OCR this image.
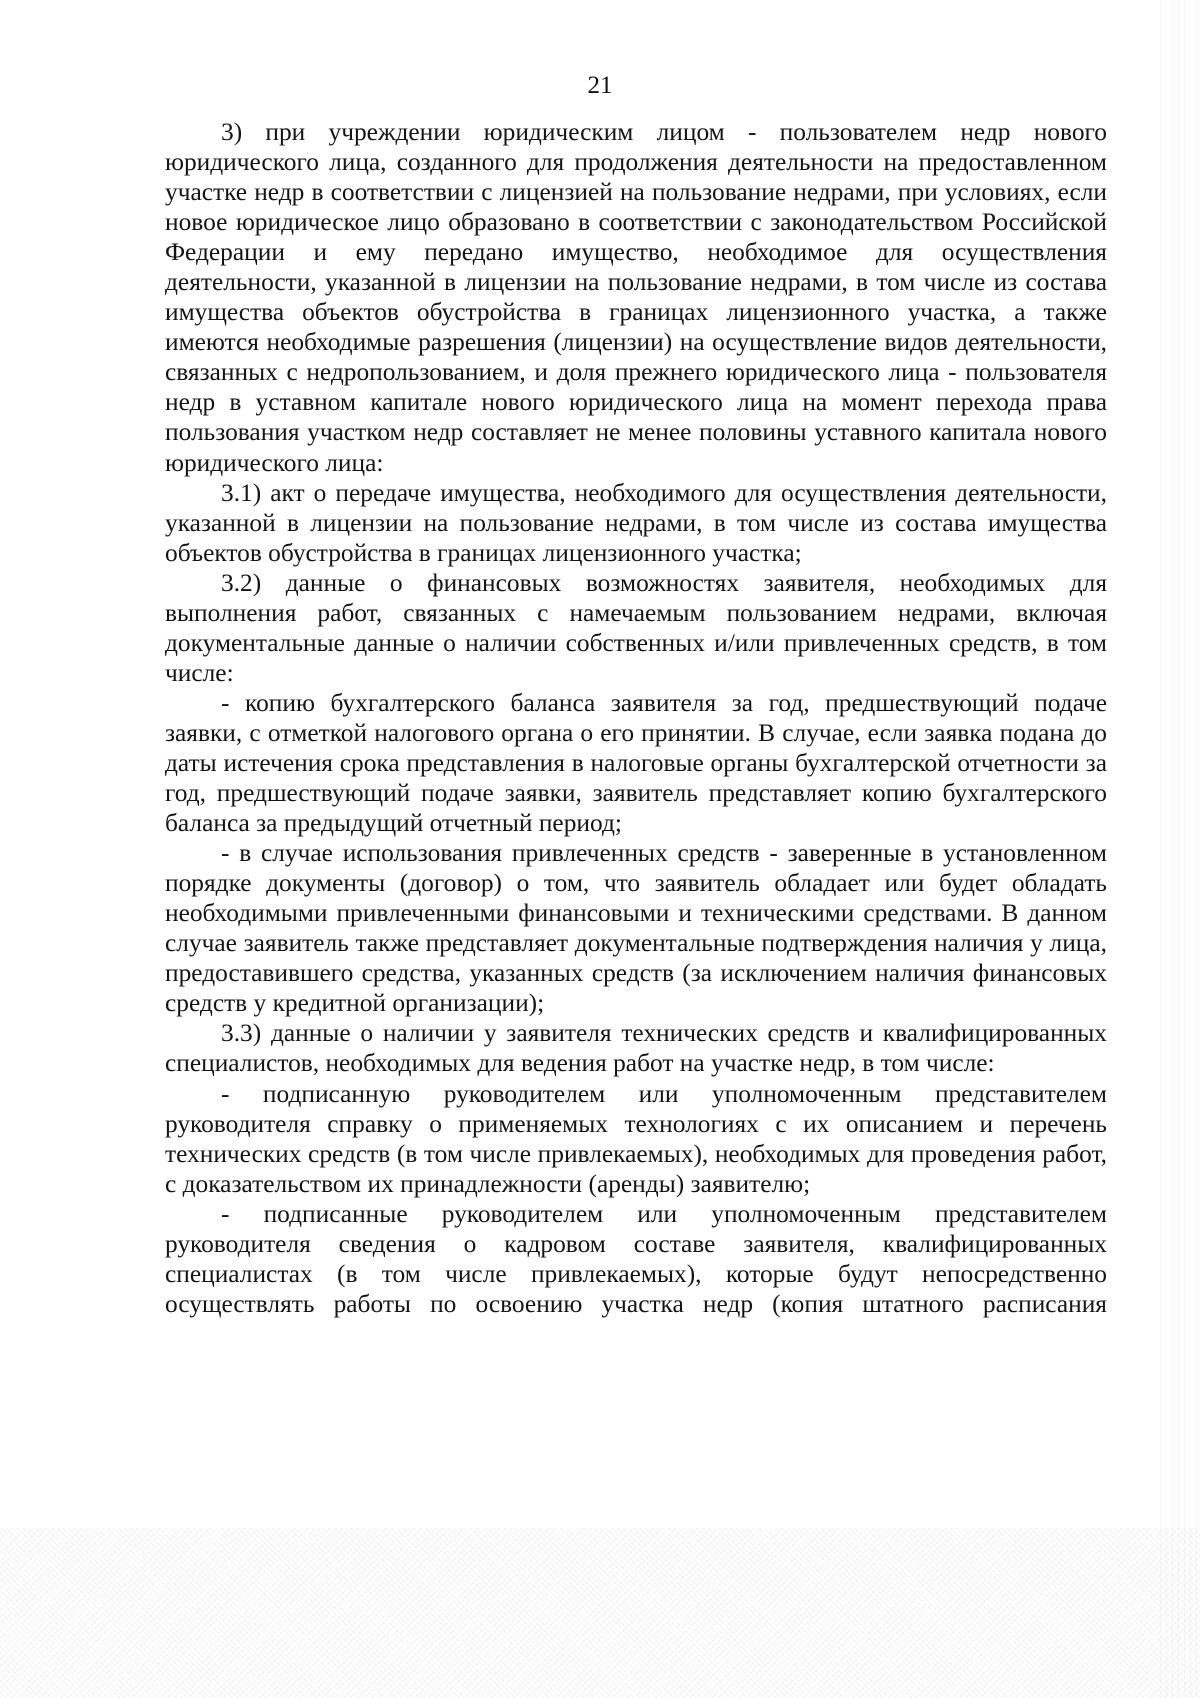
21

3) при учреждении юридическим лицом - пользователем недр нового юридического лица, созданного для продолжения деятельности на предоставленном участке недр в соответствии с лицензией на пользование недрами, при условиях, если новое юридическое лицо образовано в соответствии с законодательством Российской Федерации и ему передано имущество, необходимое для осуществления деятельности, указанной в лицензии на пользование недрами, в том числе из состава имущества объектов обустройства в границах лицензионного участка, а также имеются необходимые разрешения (лицензии) на осуществление видов деятельности, связанных с недропользованием, и доля прежнего юридического лица - пользователя недр в уставном капитале нового юридического лица на момент перехода права пользования участком недр составляет не менее половины уставного капитала нового юридического лица:

3.1) акт о передаче имущества, необходимого для осуществления деятельности, указанной в лицензии на пользование недрами, в том числе из состава имущества объектов обустройства в границах лицензионного участка;

3.2) данные о финансовых возможностях заявителя, необходимых для выполнения работ, связанных с намечаемым пользованием недрами, включая документальные данные о наличии собственных и/или привлеченных средств, в том числе:

- копию бухгалтерского баланса заявителя за год, предшествующий подаче заявки, с отметкой налогового органа о его принятии. В случае, если заявка подана до даты истечения срока представления в налоговые органы бухгалтерской отчетности за год, предшествующий подаче заявки, заявитель представляет копию бухгалтерского баланса за предыдущий отчетный период;

- в случае использования привлеченных средств - заверенные в установленном порядке документы (договор) о том, что заявитель обладает или будет обладать необходимыми привлеченными финансовыми и техническими средствами. В данном случае заявитель также представляет документальные подтверждения наличия у лица, предоставившего средства, указанных средств (за исключением наличия финансовых средств у кредитной организации);

3.3) данные о наличии у заявителя технических средств и квалифицированных специалистов, необходимых для ведения работ на участке недр, в том числе:

- подписанную руководителем или уполномоченным представителем руководителя справку о применяемых технологиях с их описанием и перечень технических средств (в том числе привлекаемых), необходимых для проведения работ, с доказательством их принадлежности (аренды) заявителю;

- подписанные руководителем или уполномоченным представителем руководителя сведения о кадровом составе заявителя, квалифицированных специалистах (в том числе привлекаемых), которые будут непосредственно осуществлять работы по освоению участка недр (копия штатного расписания
